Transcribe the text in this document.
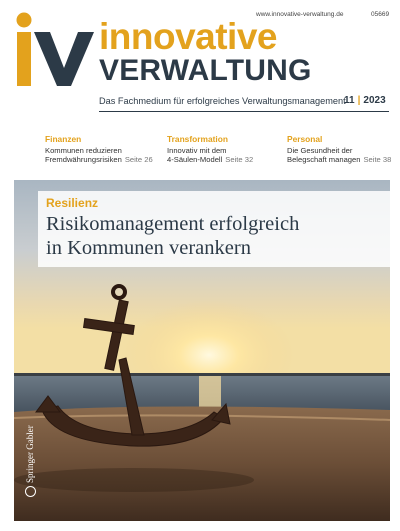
www.innovative-verwaltung.de	05669
innovative
VERWALTUNG
Das Fachmedium für erfolgreiches Verwaltungsmanagement
11 | 2023
Finanzen
Kommunen reduzieren
Fremdwährungsrisiken Seite 26
Transformation
Innovativ mit dem
4-Säulen-Modell Seite 32
Personal
Die Gesundheit der
Belegschaft managen Seite 38
Resilienz
Risikomanagement erfolgreich
in Kommunen verankern
Springer Gabler
